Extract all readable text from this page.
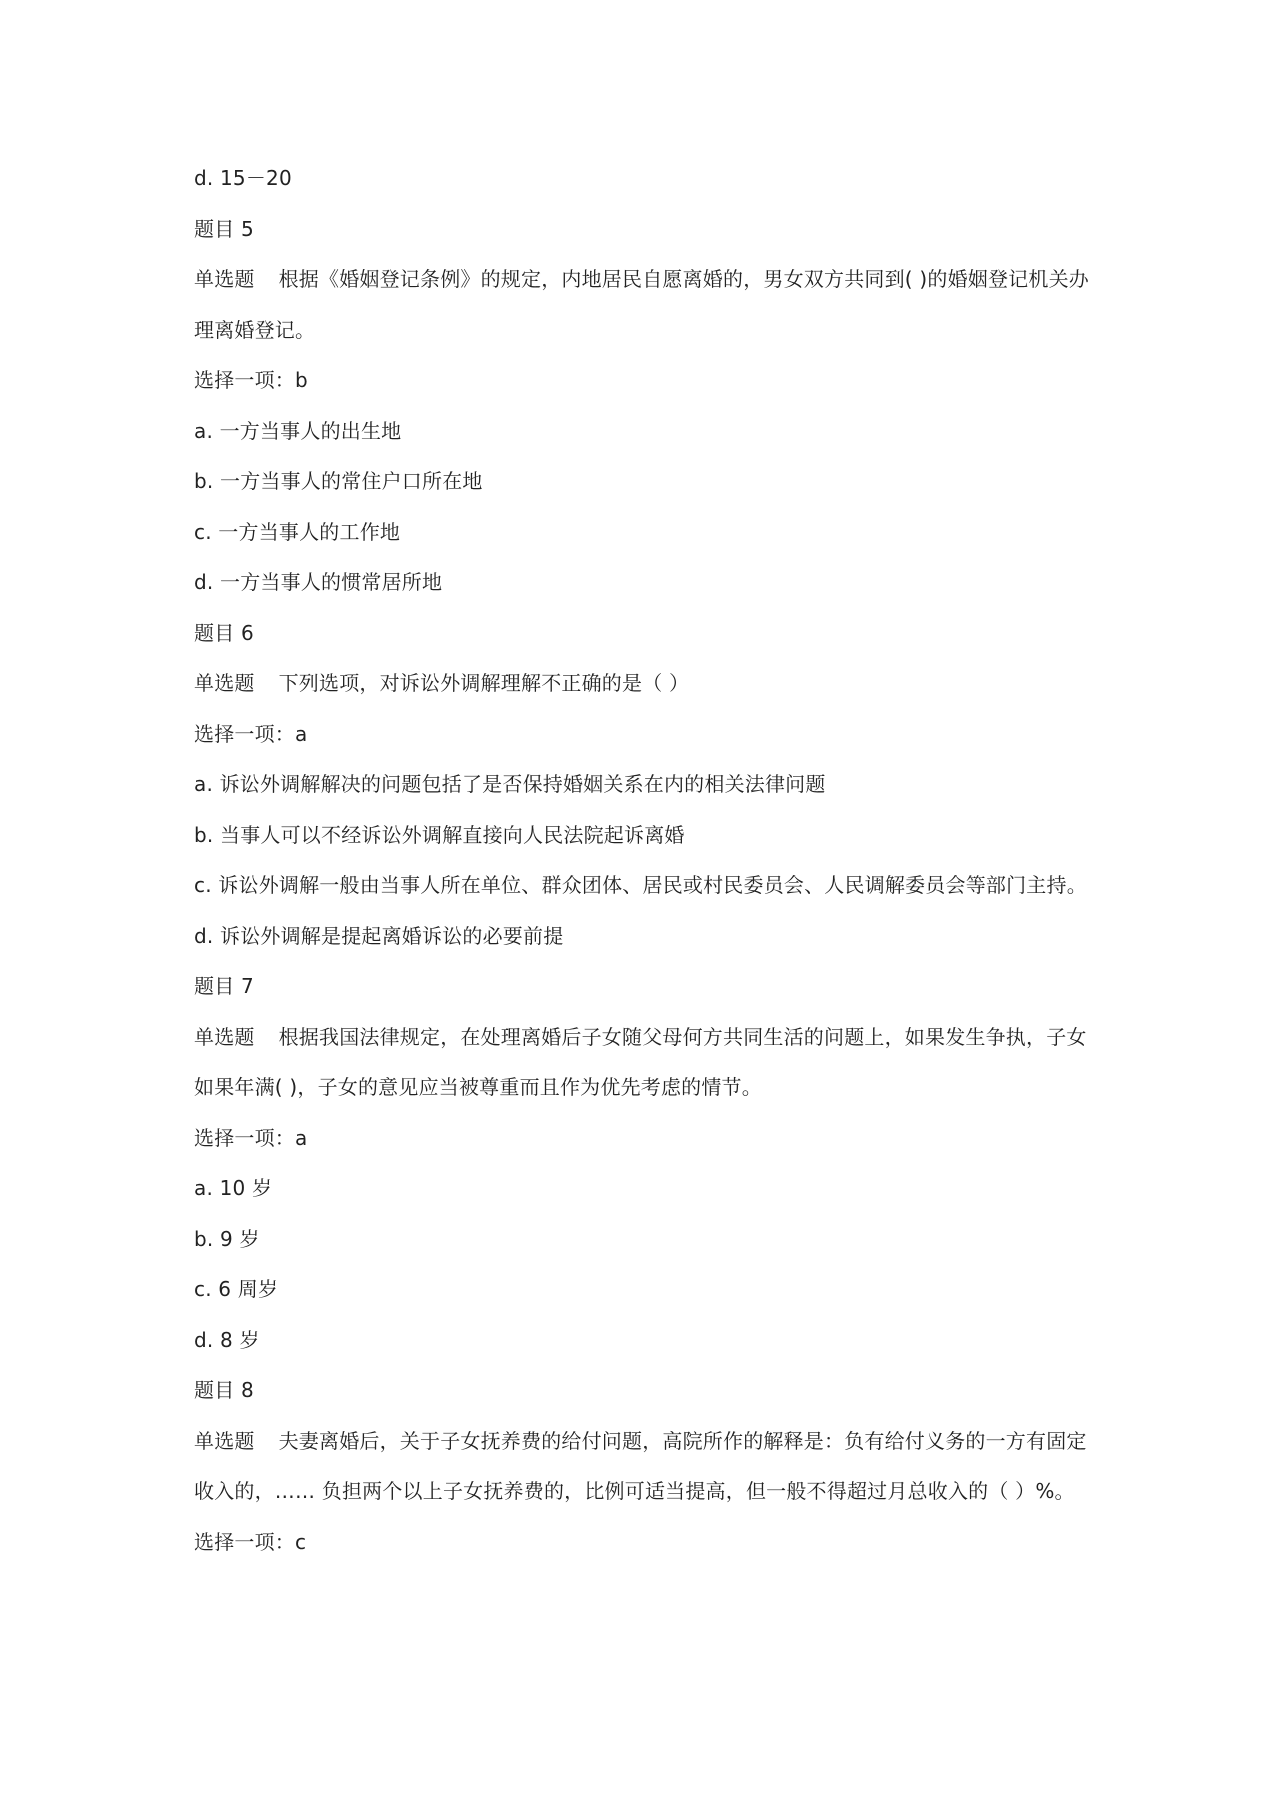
d. 15－20
题目 5
单选题 根据《婚姻登记条例》的规定，内地居民自愿离婚的，男女双方共同到( )的婚姻登记机关办理离婚登记。
选择一项：b
a. 一方当事人的出生地
b. 一方当事人的常住户口所在地
c. 一方当事人的工作地
d. 一方当事人的惯常居所地
题目 6
单选题 下列选项，对诉讼外调解理解不正确的是（ ）
选择一项：a
a. 诉讼外调解解决的问题包括了是否保持婚姻关系在内的相关法律问题
b. 当事人可以不经诉讼外调解直接向人民法院起诉离婚
c. 诉讼外调解一般由当事人所在单位、群众团体、居民或村民委员会、人民调解委员会等部门主持。
d. 诉讼外调解是提起离婚诉讼的必要前提
题目 7
单选题 根据我国法律规定，在处理离婚后子女随父母何方共同生活的问题上，如果发生争执，子女如果年满( )，子女的意见应当被尊重而且作为优先考虑的情节。
选择一项：a
a. 10 岁
b. 9 岁
c. 6 周岁
d. 8 岁
题目 8
单选题 夫妻离婚后，关于子女抚养费的给付问题，高院所作的解释是：负有给付义务的一方有固定收入的，…… 负担两个以上子女抚养费的，比例可适当提高，但一般不得超过月总收入的（ ）%。
选择一项：c
